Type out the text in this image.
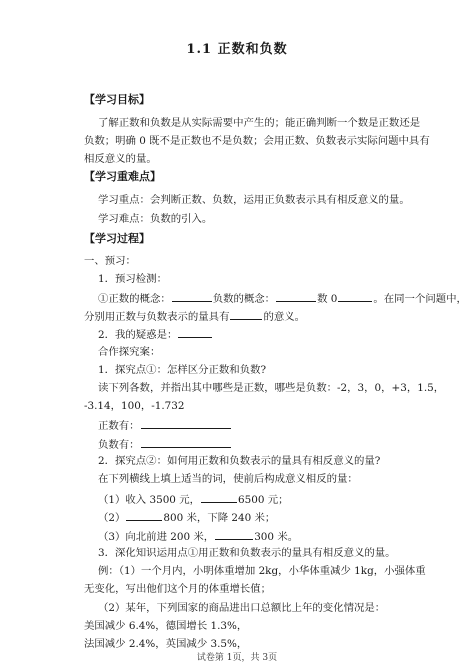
1.1 正数和负数
【学习目标】
了解正数和负数是从实际需要中产生的；能正确判断一个数是正数还是
负数；明确 0 既不是正数也不是负数；会用正数、负数表示实际问题中具有
相反意义的量。
【学习重难点】
学习重点：会判断正数、负数，运用正负数表示具有相反意义的量。
学习难点：负数的引入。
【学习过程】
一、预习：
1．预习检测：
①正数的概念：	负数的概念：	数 0	。在同一个问题中，
分别用正数与负数表示的量具有	的意义。
2．我的疑惑是：
合作探究案：
1．探究点①：怎样区分正数和负数?
读下列各数，并指出其中哪些是正数，哪些是负数：-2，3，0，+3，1.5，
-3.14，100，-1.732
正数有：
负数有：
2．探究点②：如何用正数和负数表示的量具有相反意义的量?
在下列横线上填上适当的词，使前后构成意义相反的量：
（1）收入 3500 元，	6500 元；
（2）	800 米，下降 240 米；
（3）向北前进 200 米，	300 米。
3．深化知识运用点①用正数和负数表示的量具有相反意义的量。
例：（1）一个月内，小明体重增加 2kg，小华体重减少 1kg，小强体重
无变化，写出他们这个月的体重增长值；
（2）某年，下列国家的商品进出口总额比上年的变化情况是：
美国减少 6.4%，德国增长 1.3%，
法国减少 2.4%，英国减少 3.5%，
试卷第 1页，共 3页
